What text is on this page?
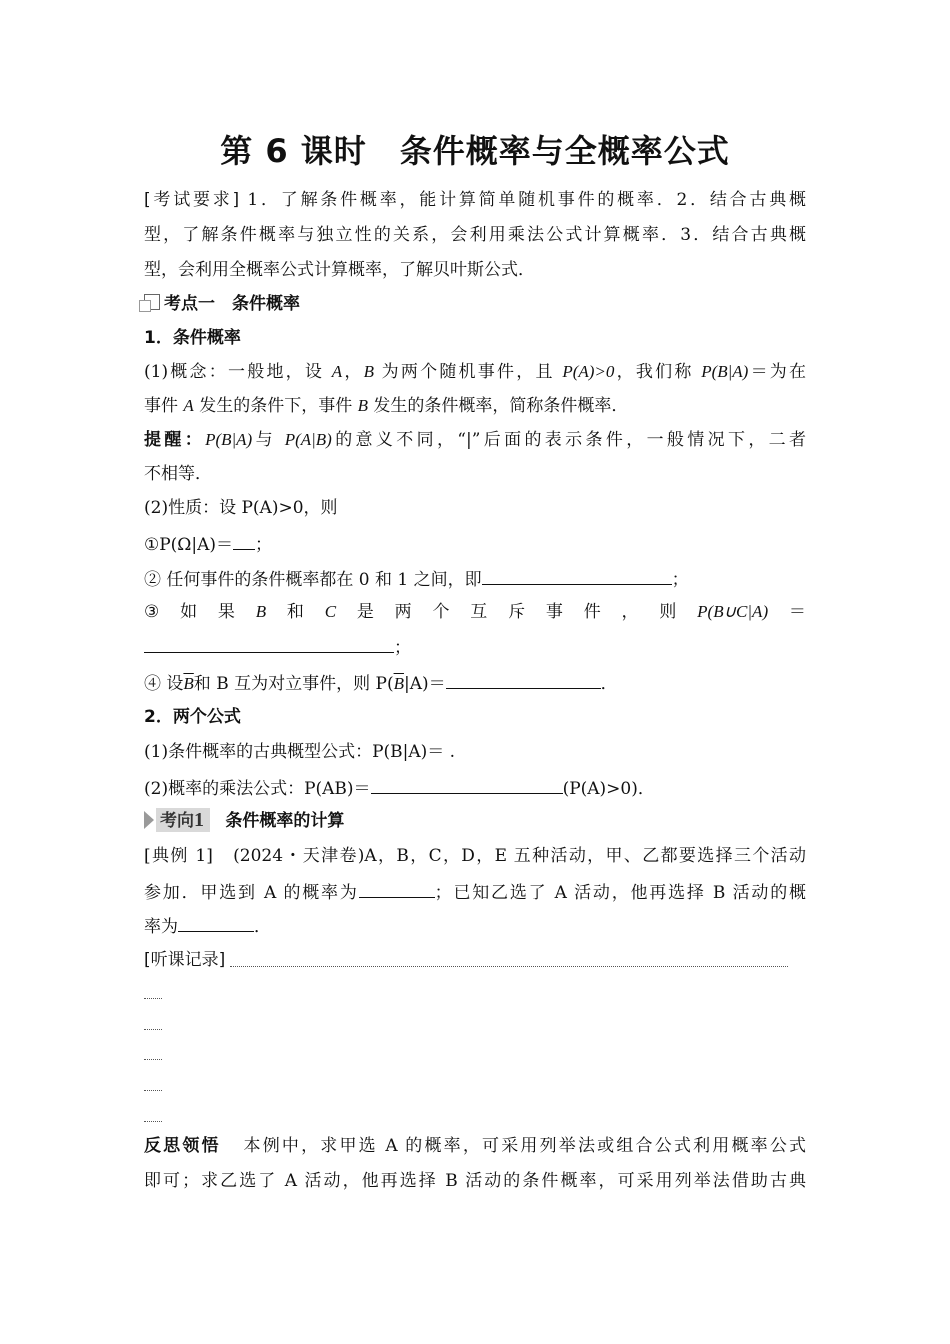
第 6 课时　条件概率与全概率公式
[考试要求] 1．了解条件概率，能计算简单随机事件的概率．2．结合古典概
型，了解条件概率与独立性的关系，会利用乘法公式计算概率．3．结合古典概
型，会利用全概率公式计算概率，了解贝叶斯公式．
考点一　条件概率
1．条件概率
(1)概念：一般地，设 A，B 为两个随机事件，且 P(A)>0，我们称 P(B|A)＝为在
事件 A 发生的条件下，事件 B 发生的条件概率，简称条件概率．
提醒：P(B|A)与 P(A|B)的意义不同，“|”后面的表示条件，一般情况下，二者
不相等．
(2)性质：设 P(A)>0，则
①P(Ω|A)＝ ；
② 任何事件的条件概率都在 0 和 1 之间，即	；
③ 如 果 B 和 C 是 两 个 互 斥 事 件 ， 则 P(B∪C|A) ＝
；
④ 设$\overline{B}$和 B 互为对立事件，则 $P(\overline{B}|A)=$	．
2．两个公式
(1)条件概率的古典概型公式：P(B|A)＝ .
(2)概率的乘法公式：P(AB)＝	(P(A)>0)．
考向1 条件概率的计算
[典例 1] (2024・天津卷)A，B，C，D，E 五种活动，甲、乙都要选择三个活动
参加．甲选到 A 的概率为	；已知乙选了 A 活动，他再选择 B 活动的概
率为	．
[听课记录]
反思领悟 本例中，求甲选 A 的概率，可采用列举法或组合公式利用概率公式
即可；求乙选了 A 活动，他再选择 B 活动的条件概率，可采用列举法借助古典
